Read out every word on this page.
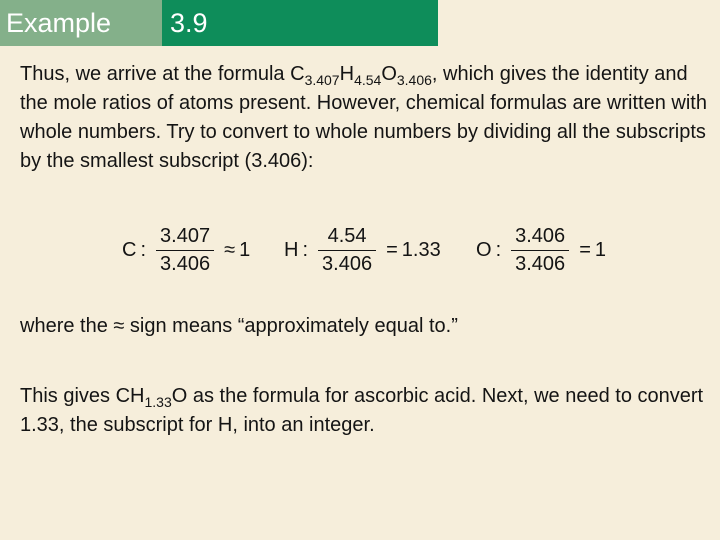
Example	3.9

Thus, we arrive at the formula $C_{3.407}H_{4.54}O_{3.406}$, which gives the identity and the mole ratios of atoms present. However, chemical formulas are written with whole numbers. Try to convert to whole numbers by dividing all the subscripts by the smallest subscript (3.406):

C : $\frac{3.407}{3.406} \approx 1$ H : $\frac{4.54}{3.406} = 1.33$ O : $\frac{3.406}{3.406} = 1$

where the ≈ sign means “approximately equal to.”

This gives $CH_{1.33}O$ as the formula for ascorbic acid. Next, we need to convert 1.33, the subscript for H, into an integer.
